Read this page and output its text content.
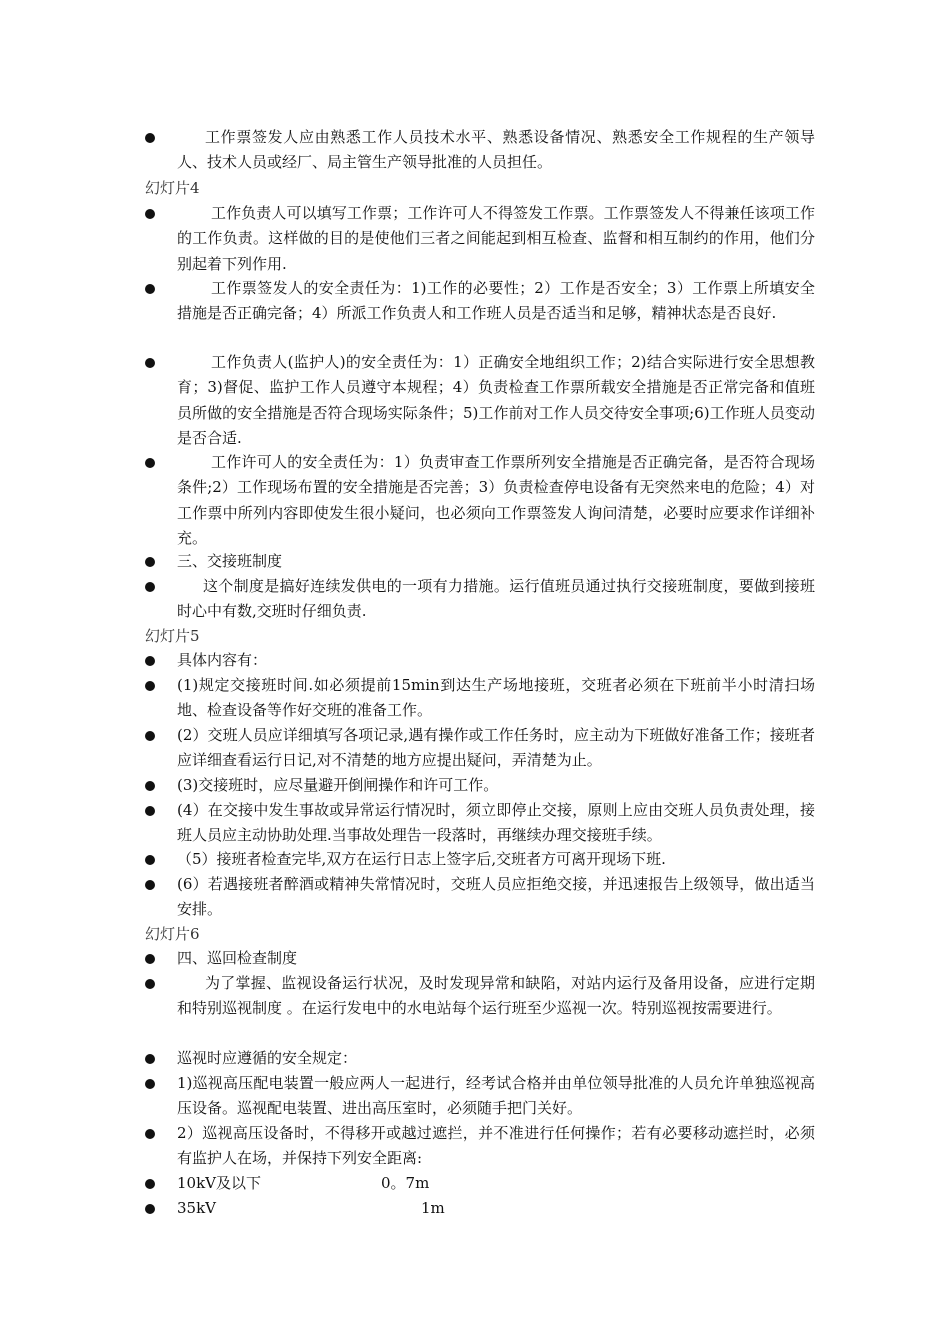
工作票签发人应由熟悉工作人员技术水平、熟悉设备情况、熟悉安全工作规程的生产领导人、技术人员或经厂、局主管生产领导批准的人员担任。
幻灯片4
工作负责人可以填写工作票；工作许可人不得签发工作票。工作票签发人不得兼任该项工作的工作负责。这样做的目的是使他们三者之间能起到相互检查、监督和相互制约的作用，他们分别起着下列作用.
工作票签发人的安全责任为：1)工作的必要性；2）工作是否安全；3）工作票上所填安全措施是否正确完备；4）所派工作负责人和工作班人员是否适当和足够，精神状态是否良好.
工作负责人(监护人)的安全责任为：1）正确安全地组织工作；2)结合实际进行安全思想教育；3)督促、监护工作人员遵守本规程；4）负责检查工作票所载安全措施是否正常完备和值班员所做的安全措施是否符合现场实际条件；5)工作前对工作人员交待安全事项;6)工作班人员变动是否合适.
工作许可人的安全责任为：1）负责审查工作票所列安全措施是否正确完备，是否符合现场条件;2）工作现场布置的安全措施是否完善；3）负责检查停电设备有无突然来电的危险；4）对工作票中所列内容即使发生很小疑问，也必须向工作票签发人询问清楚，必要时应要求作详细补充。
三、交接班制度
这个制度是搞好连续发供电的一项有力措施。运行值班员通过执行交接班制度，要做到接班时心中有数,交班时仔细负责.
幻灯片5
具体内容有：
(1)规定交接班时间.如必须提前15min到达生产场地接班，交班者必须在下班前半小时清扫场地、检查设备等作好交班的准备工作。
(2）交班人员应详细填写各项记录,遇有操作或工作任务时，应主动为下班做好准备工作；接班者应详细查看运行日记,对不清楚的地方应提出疑问，弄清楚为止。
(3)交接班时，应尽量避开倒闸操作和许可工作。
(4）在交接中发生事故或异常运行情况时，须立即停止交接，原则上应由交班人员负责处理，接班人员应主动协助处理.当事故处理告一段落时，再继续办理交接班手续。
（5）接班者检查完毕,双方在运行日志上签字后,交班者方可离开现场下班.
(6）若遇接班者醉酒或精神失常情况时，交班人员应拒绝交接，并迅速报告上级领导，做出适当安排。
幻灯片6
四、巡回检查制度
为了掌握、监视设备运行状况，及时发现异常和缺陷，对站内运行及备用设备，应进行定期和特别巡视制度 。在运行发电中的水电站每个运行班至少巡视一次。特别巡视按需要进行。
巡视时应遵循的安全规定：
1)巡视高压配电装置一般应两人一起进行，经考试合格并由单位领导批准的人员允许单独巡视高压设备。巡视配电装置、进出高压室时，必须随手把门关好。
2）巡视高压设备时，不得移开或越过遮拦，并不准进行任何操作；若有必要移动遮拦时，必须有监护人在场，并保持下列安全距离:
10kV及以下	0。7m
35kV	1m
